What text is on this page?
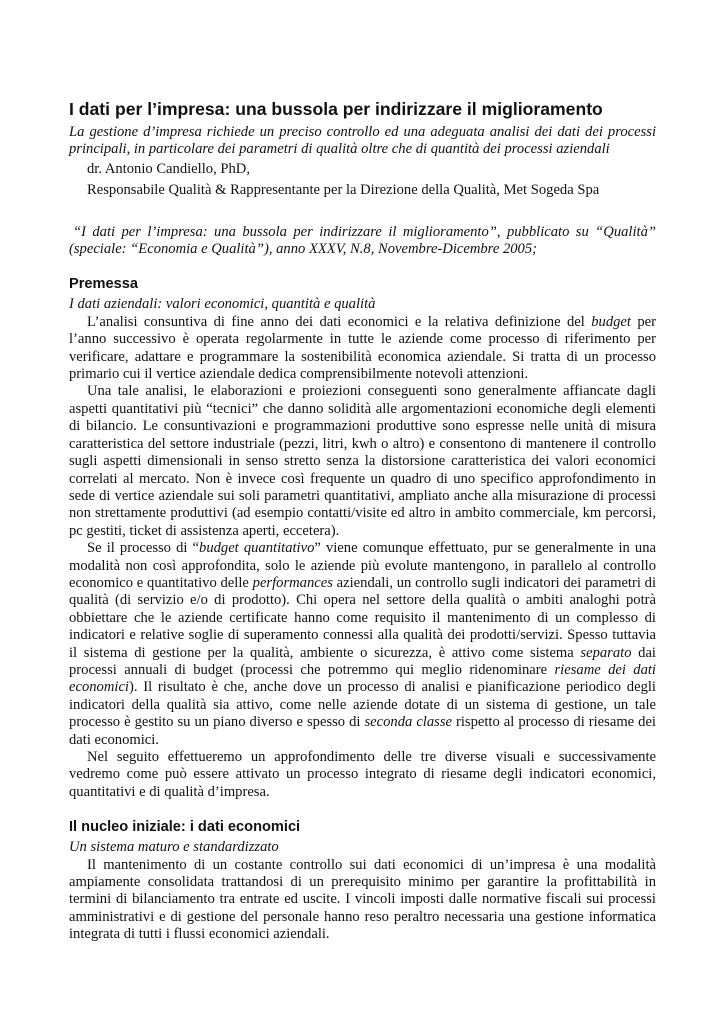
I dati per l’impresa: una bussola per indirizzare il miglioramento

La gestione d’impresa richiede un preciso controllo ed una adeguata analisi dei dati dei processi principali, in particolare dei parametri di qualità oltre che di quantità dei processi aziendali

dr. Antonio Candiello, PhD,
Responsabile Qualità & Rappresentante per la Direzione della Qualità, Met Sogeda Spa

“I dati per l’impresa: una bussola per indirizzare il miglioramento”, pubblicato su “Qualità” (speciale: “Economia e Qualità”), anno XXXV, N.8, Novembre-Dicembre 2005;

Premessa

I dati aziendali: valori economici, quantità e qualità

L’analisi consuntiva di fine anno dei dati economici e la relativa definizione del budget per l’anno successivo è operata regolarmente in tutte le aziende come processo di riferimento per verificare, adattare e programmare la sostenibilità economica aziendale. Si tratta di un processo primario cui il vertice aziendale dedica comprensibilmente notevoli attenzioni.

Una tale analisi, le elaborazioni e proiezioni conseguenti sono generalmente affiancate dagli aspetti quantitativi più “tecnici” che danno solidità alle argomentazioni economiche degli elementi di bilancio. Le consuntivazioni e programmazioni produttive sono espresse nelle unità di misura caratteristica del settore industriale (pezzi, litri, kwh o altro) e consentono di mantenere il controllo sugli aspetti dimensionali in senso stretto senza la distorsione caratteristica dei valori economici correlati al mercato. Non è invece così frequente un quadro di uno specifico approfondimento in sede di vertice aziendale sui soli parametri quantitativi, ampliato anche alla misurazione di processi non strettamente produttivi (ad esempio contatti/visite ed altro in ambito commerciale, km percorsi, pc gestiti, ticket di assistenza aperti, eccetera).

Se il processo di “budget quantitativo” viene comunque effettuato, pur se generalmente in una modalità non così approfondita, solo le aziende più evolute mantengono, in parallelo al controllo economico e quantitativo delle performances aziendali, un controllo sugli indicatori dei parametri di qualità (di servizio e/o di prodotto). Chi opera nel settore della qualità o ambiti analoghi potrà obbiettare che le aziende certificate hanno come requisito il mantenimento di un complesso di indicatori e relative soglie di superamento connessi alla qualità dei prodotti/servizi. Spesso tuttavia il sistema di gestione per la qualità, ambiente o sicurezza, è attivo come sistema separato dai processi annuali di budget (processi che potremmo qui meglio ridenominare riesame dei dati economici). Il risultato è che, anche dove un processo di analisi e pianificazione periodico degli indicatori della qualità sia attivo, come nelle aziende dotate di un sistema di gestione, un tale processo è gestito su un piano diverso e spesso di seconda classe rispetto al processo di riesame dei dati economici.

Nel seguito effettueremo un approfondimento delle tre diverse visuali e successivamente vedremo come può essere attivato un processo integrato di riesame degli indicatori economici, quantitativi e di qualità d’impresa.

Il nucleo iniziale: i dati economici

Un sistema maturo e standardizzato

Il mantenimento di un costante controllo sui dati economici di un’impresa è una modalità ampiamente consolidata trattandosi di un prerequisito minimo per garantire la profittabilità in termini di bilanciamento tra entrate ed uscite. I vincoli imposti dalle normative fiscali sui processi amministrativi e di gestione del personale hanno reso peraltro necessaria una gestione informatica integrata di tutti i flussi economici aziendali.
